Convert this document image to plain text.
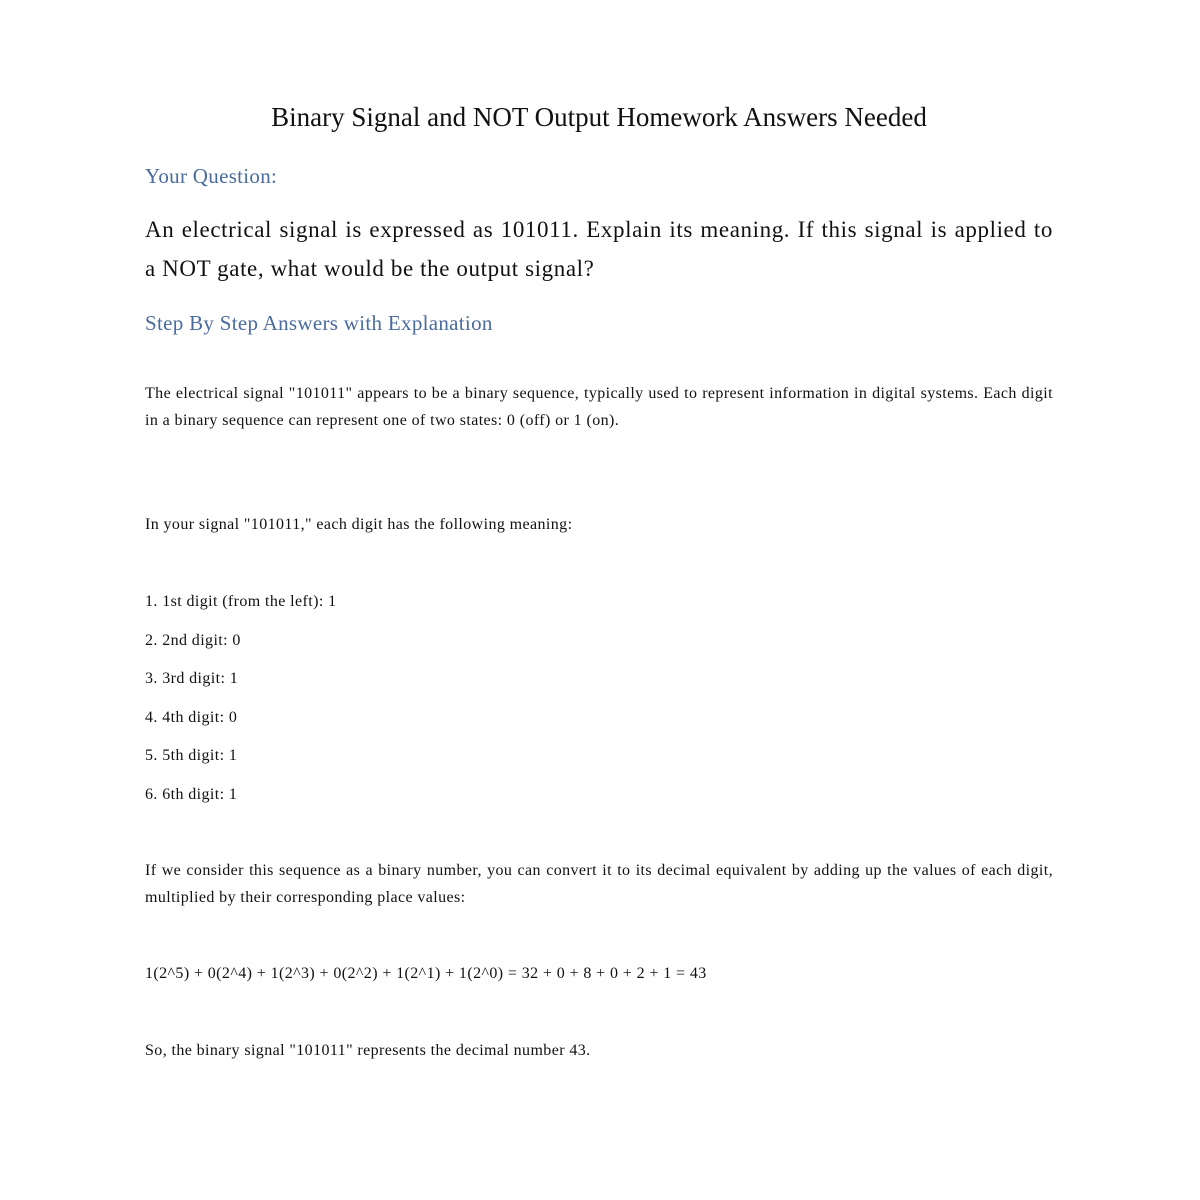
Binary Signal and NOT Output Homework Answers Needed
Your Question:

An electrical signal is expressed as 101011. Explain its meaning. If this signal is applied to a NOT gate, what would be the output signal?

Step By Step Answers with Explanation

The electrical signal "101011" appears to be a binary sequence, typically used to represent information in digital systems. Each digit in a binary sequence can represent one of two states: 0 (off) or 1 (on).

In your signal "101011," each digit has the following meaning:

1. 1st digit (from the left): 1
2. 2nd digit: 0
3. 3rd digit: 1
4. 4th digit: 0
5. 5th digit: 1
6. 6th digit: 1

If we consider this sequence as a binary number, you can convert it to its decimal equivalent by adding up the values of each digit, multiplied by their corresponding place values:

1(2^5) + 0(2^4) + 1(2^3) + 0(2^2) + 1(2^1) + 1(2^0) = 32 + 0 + 8 + 0 + 2 + 1 = 43

So, the binary signal "101011" represents the decimal number 43.
